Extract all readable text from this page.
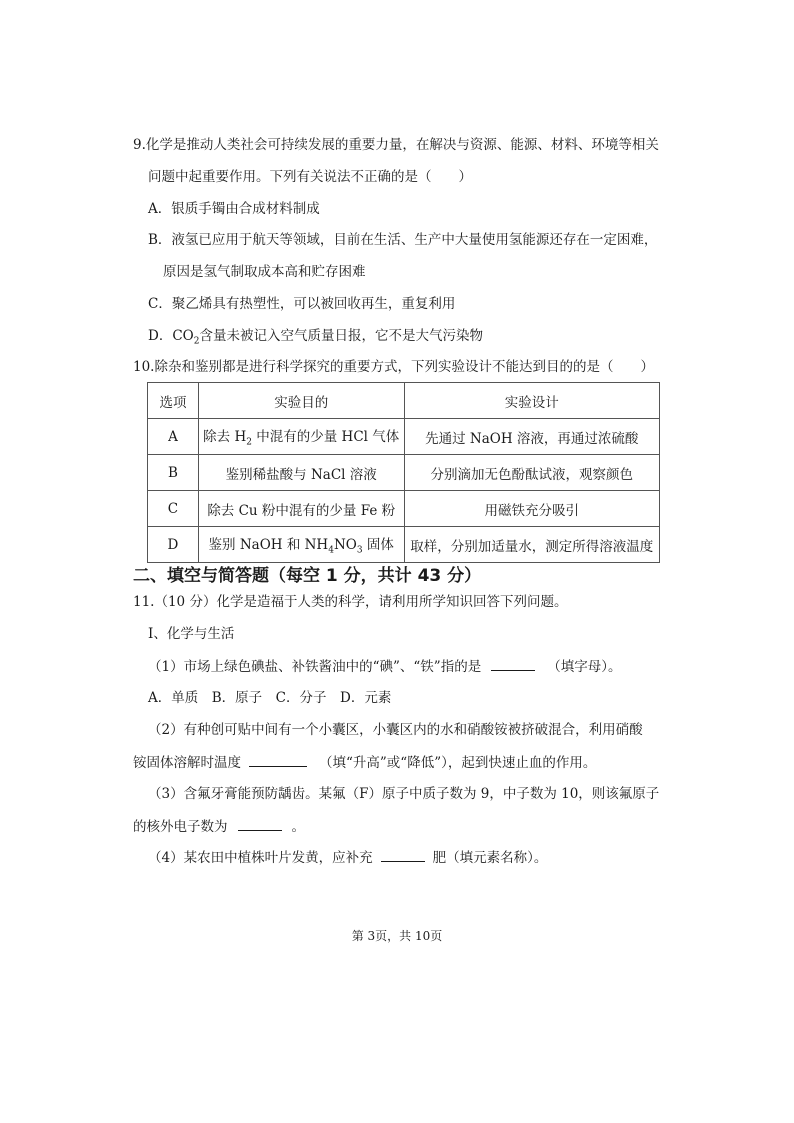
9.化学是推动人类社会可持续发展的重要力量，在解决与资源、能源、材料、环境等相关
问题中起重要作用。下列有关说法不正确的是（　　）
A．银质手镯由合成材料制成
B．液氢已应用于航天等领域，目前在生活、生产中大量使用氢能源还存在一定困难，
原因是氢气制取成本高和贮存困难
C．聚乙烯具有热塑性，可以被回收再生，重复利用
D．$CO_2$含量未被记入空气质量日报，它不是大气污染物
10.除杂和鉴别都是进行科学探究的重要方式，下列实验设计不能达到目的的是（　　）
选项	实验目的	实验设计
A	除去 $H_2$ 中混有的少量 HCl 气体	先通过 NaOH 溶液，再通过浓硫酸
B	鉴别稀盐酸与 NaCl 溶液	分别滴加无色酚酞试液，观察颜色
C	除去 Cu 粉中混有的少量 Fe 粉	用磁铁充分吸引
D	鉴别 NaOH 和 $NH_4NO_3$ 固体	取样，分别加适量水，测定所得溶液温度
二、填空与简答题（每空 1 分，共计 43 分）
11.（10 分）化学是造福于人类的科学，请利用所学知识回答下列问题。
Ⅰ、化学与生活
（1）市场上绿色碘盐、补铁酱油中的“碘”、“铁”指的是	（填字母）。
A．单质　B．原子　C．分子　D．元素
（2）有种创可贴中间有一个小囊区，小囊区内的水和硝酸铵被挤破混合，利用硝酸
铵固体溶解时温度	（填“升高”或“降低”），起到快速止血的作用。
（3）含氟牙膏能预防龋齿。某氟（F）原子中质子数为 9，中子数为 10，则该氟原子
的核外电子数为	。
（4）某农田中植株叶片发黄，应补充	肥（填元素名称）。
第 3页，共 10页
